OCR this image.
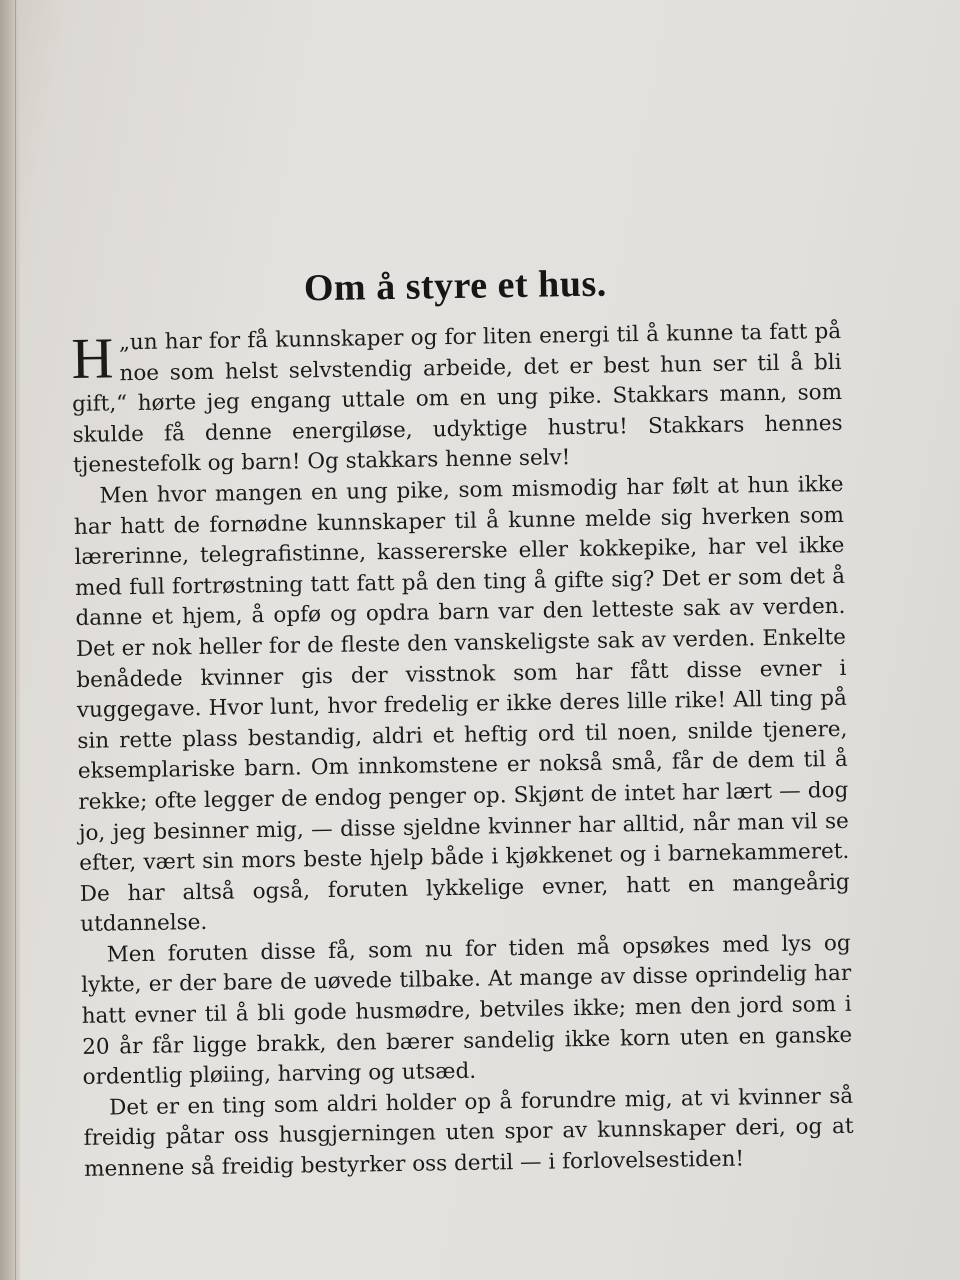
Om å styre et hus.

„
H un har for få kunnskaper og for liten energi til å kunne ta fatt på noe som helst selvstendig arbeide, det er best hun ser til å bli gift,“ hørte jeg engang uttale om en ung pike. Stakkars mann, som skulde få denne energiløse, udyktige hustru! Stakkars hennes tjenestefolk og barn! Og stakkars henne selv!

Men hvor mangen en ung pike, som mismodig har følt at hun ikke har hatt de fornødne kunnskaper til å kunne melde sig hverken som lærerinne, telegrafistinne, kassererske eller kokkepike, har vel ikke med full fortrøstning tatt fatt på den ting å gifte sig? Det er som det å danne et hjem, å opfø og opdra barn var den letteste sak av verden. Det er nok heller for de fleste den vanskeligste sak av verden. Enkelte benådede kvinner gis der visstnok som har fått disse evner i vuggegave. Hvor lunt, hvor fredelig er ikke deres lille rike! All ting på sin rette plass bestandig, aldri et heftig ord til noen, snilde tjenere, eksemplariske barn. Om innkomstene er nokså små, får de dem til å rekke; ofte legger de endog penger op. Skjønt de intet har lært — dog jo, jeg besinner mig, — disse sjeldne kvinner har alltid, når man vil se efter, vært sin mors beste hjelp både i kjøkkenet og i barnekammeret. De har altså også, foruten lykkelige evner, hatt en mangeårig utdannelse.

Men foruten disse få, som nu for tiden må opsøkes med lys og lykte, er der bare de uøvede tilbake. At mange av disse oprindelig har hatt evner til å bli gode husmødre, betviles ikke; men den jord som i 20 år får ligge brakk, den bærer sandelig ikke korn uten en ganske ordentlig pløiing, harving og utsæd.

Det er en ting som aldri holder op å forundre mig, at vi kvinner så freidig påtar oss husgjerningen uten spor av kunnskaper deri, og at mennene så freidig bestyrker oss dertil — i forlovelsestiden!
